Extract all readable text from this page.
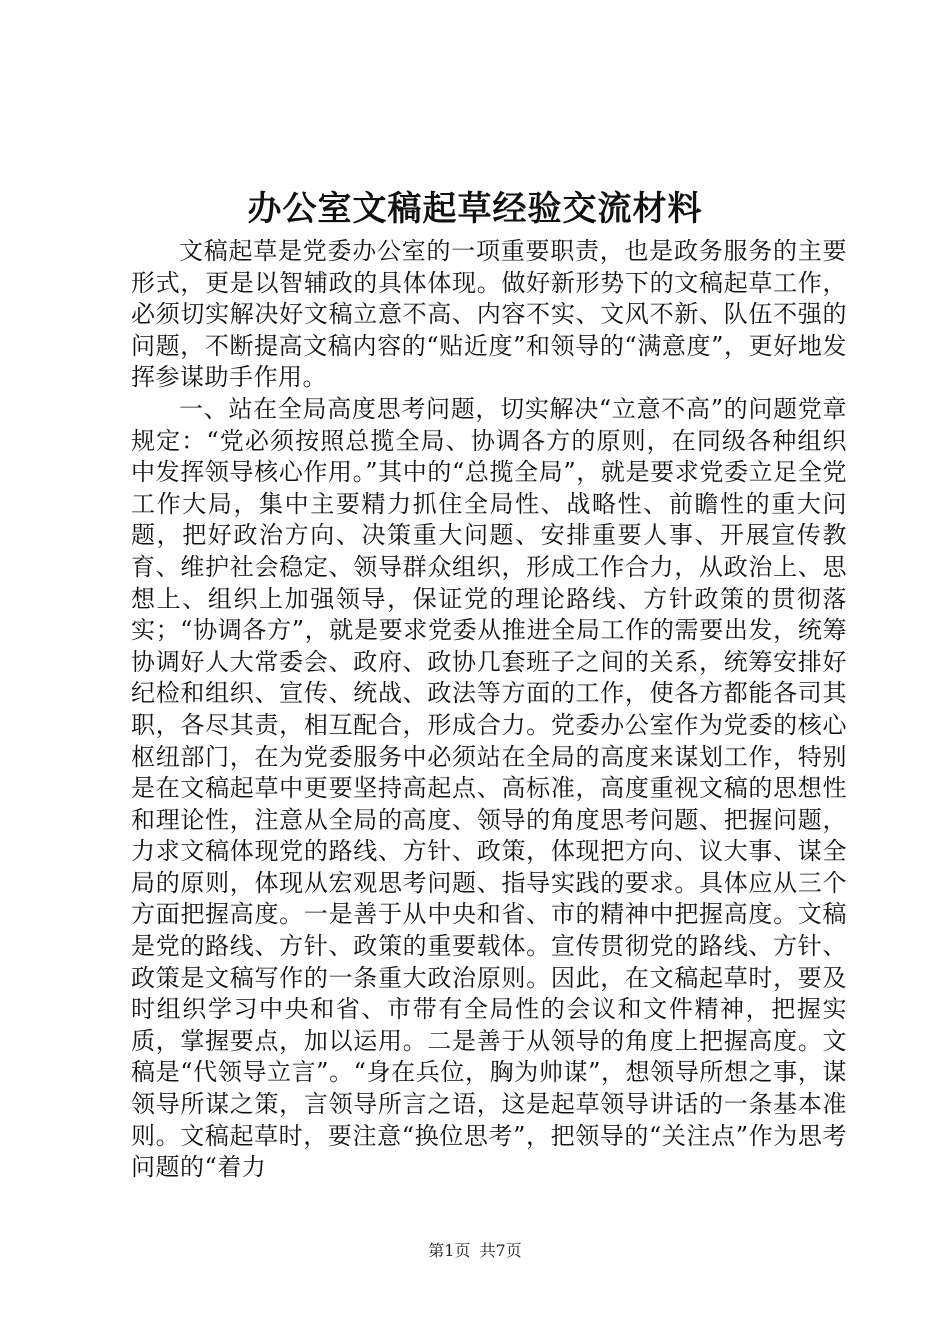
办公室文稿起草经验交流材料

文稿起草是党委办公室的一项重要职责，也是政务服务的主要形式，更是以智辅政的具体体现。做好新形势下的文稿起草工作，必须切实解决好文稿立意不高、内容不实、文风不新、队伍不强的问题，不断提高文稿内容的“贴近度”和领导的“满意度”，更好地发挥参谋助手作用。

一、站在全局高度思考问题，切实解决“立意不高”的问题党章规定：“党必须按照总揽全局、协调各方的原则，在同级各种组织中发挥领导核心作用。”其中的“总揽全局”，就是要求党委立足全党工作大局，集中主要精力抓住全局性、战略性、前瞻性的重大问题，把好政治方向、决策重大问题、安排重要人事、开展宣传教育、维护社会稳定、领导群众组织，形成工作合力，从政治上、思想上、组织上加强领导，保证党的理论路线、方针政策的贯彻落实；“协调各方”，就是要求党委从推进全局工作的需要出发，统筹协调好人大常委会、政府、政协几套班子之间的关系，统筹安排好纪检和组织、宣传、统战、政法等方面的工作，使各方都能各司其职，各尽其责，相互配合，形成合力。党委办公室作为党委的核心枢纽部门，在为党委服务中必须站在全局的高度来谋划工作，特别是在文稿起草中更要坚持高起点、高标准，高度重视文稿的思想性和理论性，注意从全局的高度、领导的角度思考问题、把握问题，力求文稿体现党的路线、方针、政策，体现把方向、议大事、谋全局的原则，体现从宏观思考问题、指导实践的要求。具体应从三个方面把握高度。一是善于从中央和省、市的精神中把握高度。文稿是党的路线、方针、政策的重要载体。宣传贯彻党的路线、方针、政策是文稿写作的一条重大政治原则。因此，在文稿起草时，要及时组织学习中央和省、市带有全局性的会议和文件精神，把握实质，掌握要点，加以运用。二是善于从领导的角度上把握高度。文稿是“代领导立言”。“身在兵位，胸为帅谋”，想领导所想之事，谋领导所谋之策，言领导所言之语，这是起草领导讲话的一条基本准则。文稿起草时，要注意“换位思考”，把领导的“关注点”作为思考问题的“着力

第1页 共7页
